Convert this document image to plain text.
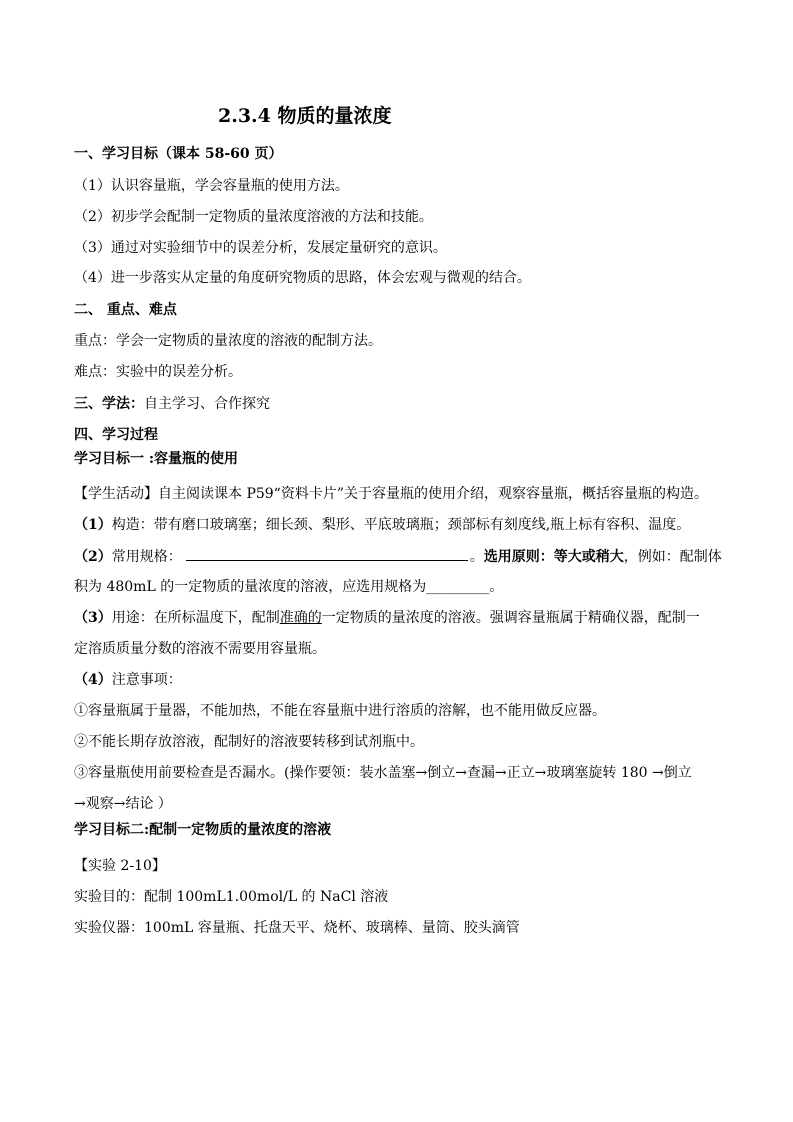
2.3.4 物质的量浓度
一、学习目标（课本 58-60 页）
（1）认识容量瓶，学会容量瓶的使用方法。
（2）初步学会配制一定物质的量浓度溶液的方法和技能。
（3）通过对实验细节中的误差分析，发展定量研究的意识。
（4）进一步落实从定量的角度研究物质的思路，体会宏观与微观的结合。
二、 重点、难点
重点：学会一定物质的量浓度的溶液的配制方法。
难点：实验中的误差分析。
三、学法：自主学习、合作探究
四、学习过程
学习目标一 :容量瓶的使用
【学生活动】自主阅读课本 P59“资料卡片”关于容量瓶的使用介绍，观察容量瓶，概括容量瓶的构造。
（1）构造：带有磨口玻璃塞；细长颈、梨形、平底玻璃瓶；颈部标有刻度线,瓶上标有容积、温度。
（2）常用规格：	。选用原则：等大或稍大，例如：配制体
积为 480mL 的一定物质的量浓度的溶液，应选用规格为_________。
（3）用途：在所标温度下，配制准确的一定物质的量浓度的溶液。强调容量瓶属于精确仪器，配制一
定溶质质量分数的溶液不需要用容量瓶。
（4）注意事项：
①容量瓶属于量器，不能加热，不能在容量瓶中进行溶质的溶解，也不能用做反应器。
②不能长期存放溶液，配制好的溶液要转移到试剂瓶中。
③容量瓶使用前要检查是否漏水。(操作要领：装水盖塞→倒立→查漏→正立→玻璃塞旋转 180 →倒立
→观察→结论 ）
学习目标二:配制一定物质的量浓度的溶液
【实验 2-10】
实验目的：配制 100mL1.00mol/L 的 NaCl 溶液
实验仪器：100mL 容量瓶、托盘天平、烧杯、玻璃棒、量筒、胶头滴管
